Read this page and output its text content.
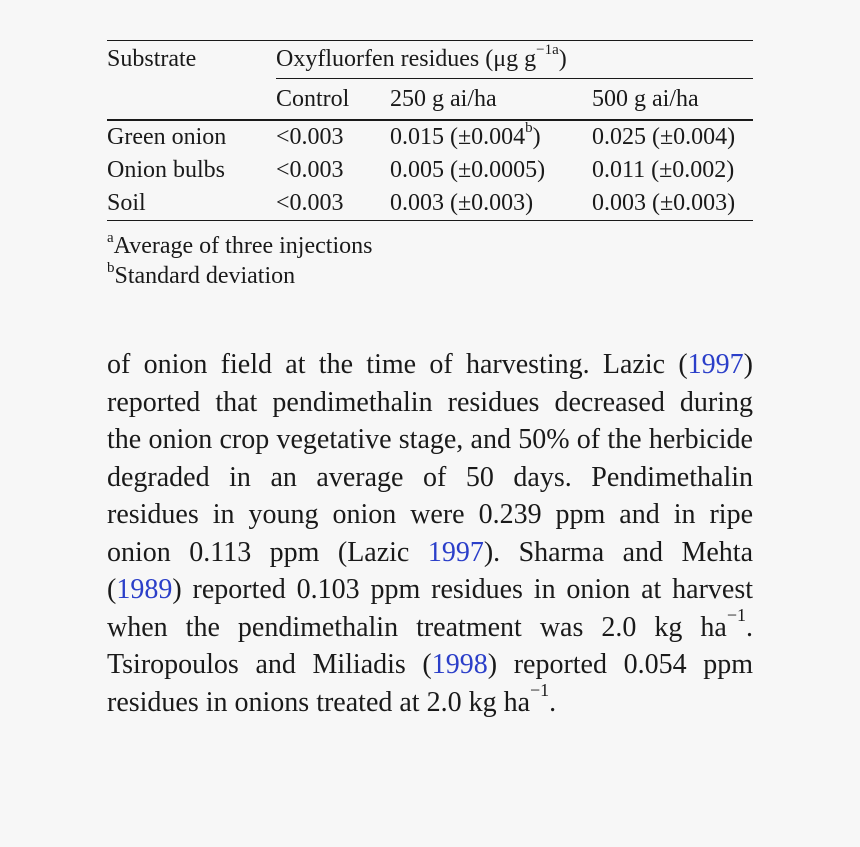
Substrate	Oxyfluorfen residues (μg $g^{-1a}$)		
	Control	250 g ai/ha	500 g ai/ha
Green onion	<0.003	0.015 (±0.004$^b$)	0.025 (±0.004)
Onion bulbs	<0.003	0.005 (±0.0005)	0.011 (±0.002)
Soil	<0.003	0.003 (±0.003)	0.003 (±0.003)
$^a$Average of three injections
$^b$Standard deviation
of onion field at the time of harvesting. Lazic (1997) reported that pendimethalin residues decreased during the onion crop vegetative stage, and 50% of the herbicide degraded in an average of 50 days. Pendimethalin residues in young onion were 0.239 ppm and in ripe onion 0.113 ppm (Lazic 1997). Sharma and Mehta (1989) reported 0.103 ppm residues in onion at harvest when the pendimethalin treatment was 2.0 kg $ha^{-1}$. Tsiropoulos and Miliadis (1998) reported 0.054 ppm residues in onions treated at 2.0 kg $ha^{-1}$.
